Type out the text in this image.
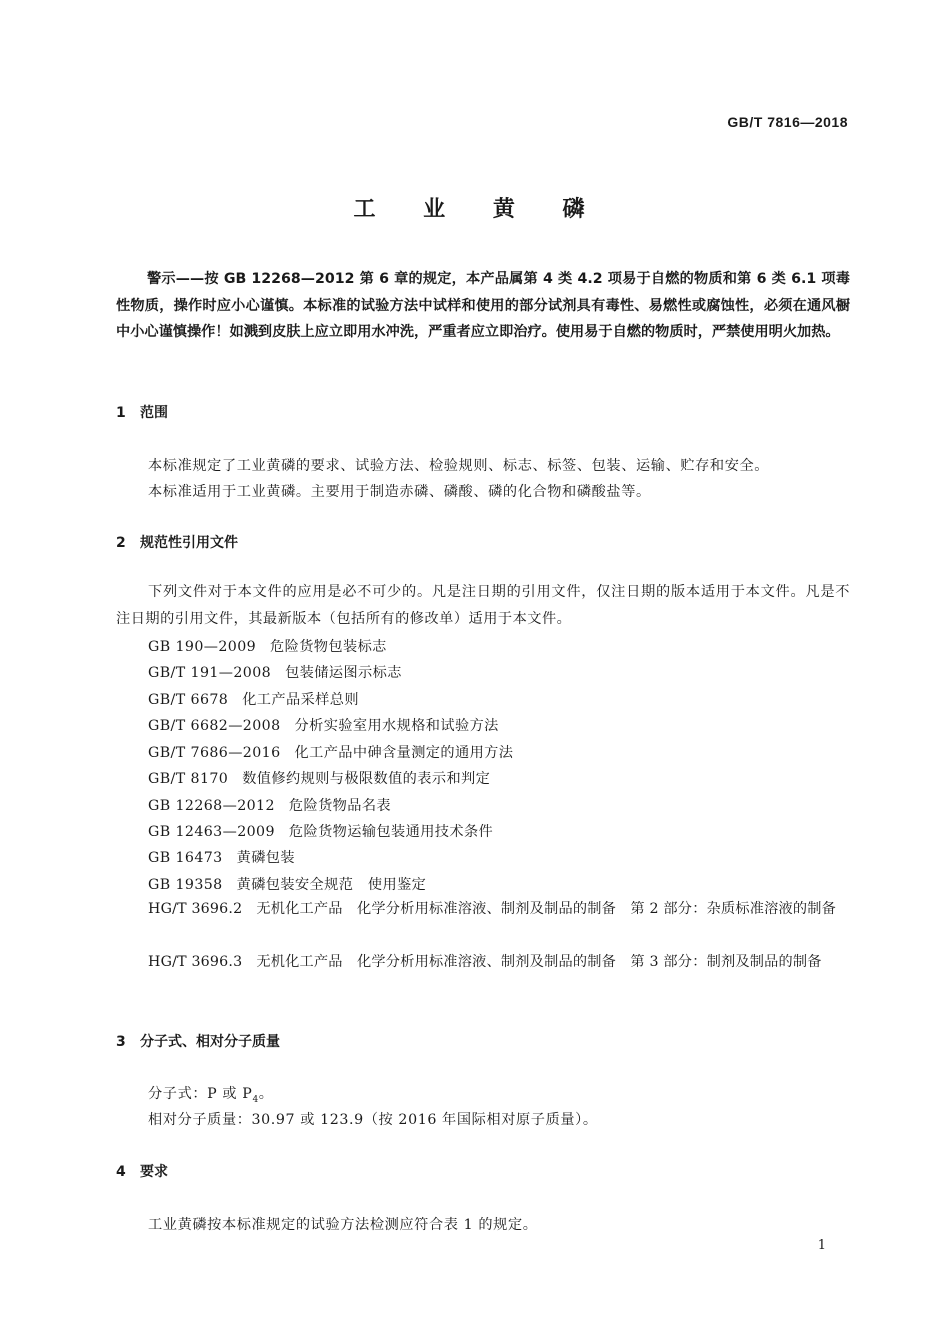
GB/T 7816—2018
工 业 黄 磷
警示——按 GB 12268—2012 第 6 章的规定，本产品属第 4 类 4.2 项易于自燃的物质和第 6 类 6.1 项毒性物质，操作时应小心谨慎。本标准的试验方法中试样和使用的部分试剂具有毒性、易燃性或腐蚀性，必须在通风橱中小心谨慎操作！如溅到皮肤上应立即用水冲洗，严重者应立即治疗。使用易于自燃的物质时，严禁使用明火加热。
1 范围
本标准规定了工业黄磷的要求、试验方法、检验规则、标志、标签、包装、运输、贮存和安全。
本标准适用于工业黄磷。主要用于制造赤磷、磷酸、磷的化合物和磷酸盐等。
2 规范性引用文件
下列文件对于本文件的应用是必不可少的。凡是注日期的引用文件，仅注日期的版本适用于本文件。凡是不注日期的引用文件，其最新版本（包括所有的修改单）适用于本文件。
GB 190—2009 危险货物包装标志
GB/T 191—2008 包装储运图示标志
GB/T 6678 化工产品采样总则
GB/T 6682—2008 分析实验室用水规格和试验方法
GB/T 7686—2016 化工产品中砷含量测定的通用方法
GB/T 8170 数值修约规则与极限数值的表示和判定
GB 12268—2012 危险货物品名表
GB 12463—2009 危险货物运输包装通用技术条件
GB 16473 黄磷包装
GB 19358 黄磷包装安全规范　使用鉴定
HG/T 3696.2 无机化工产品　化学分析用标准溶液、制剂及制品的制备　第 2 部分：杂质标准溶液的制备
HG/T 3696.3 无机化工产品　化学分析用标准溶液、制剂及制品的制备　第 3 部分：制剂及制品的制备
3 分子式、相对分子质量
分子式：P 或 $P_4$。
相对分子质量：30.97 或 123.9（按 2016 年国际相对原子质量）。
4 要求
工业黄磷按本标准规定的试验方法检测应符合表 1 的规定。
1
